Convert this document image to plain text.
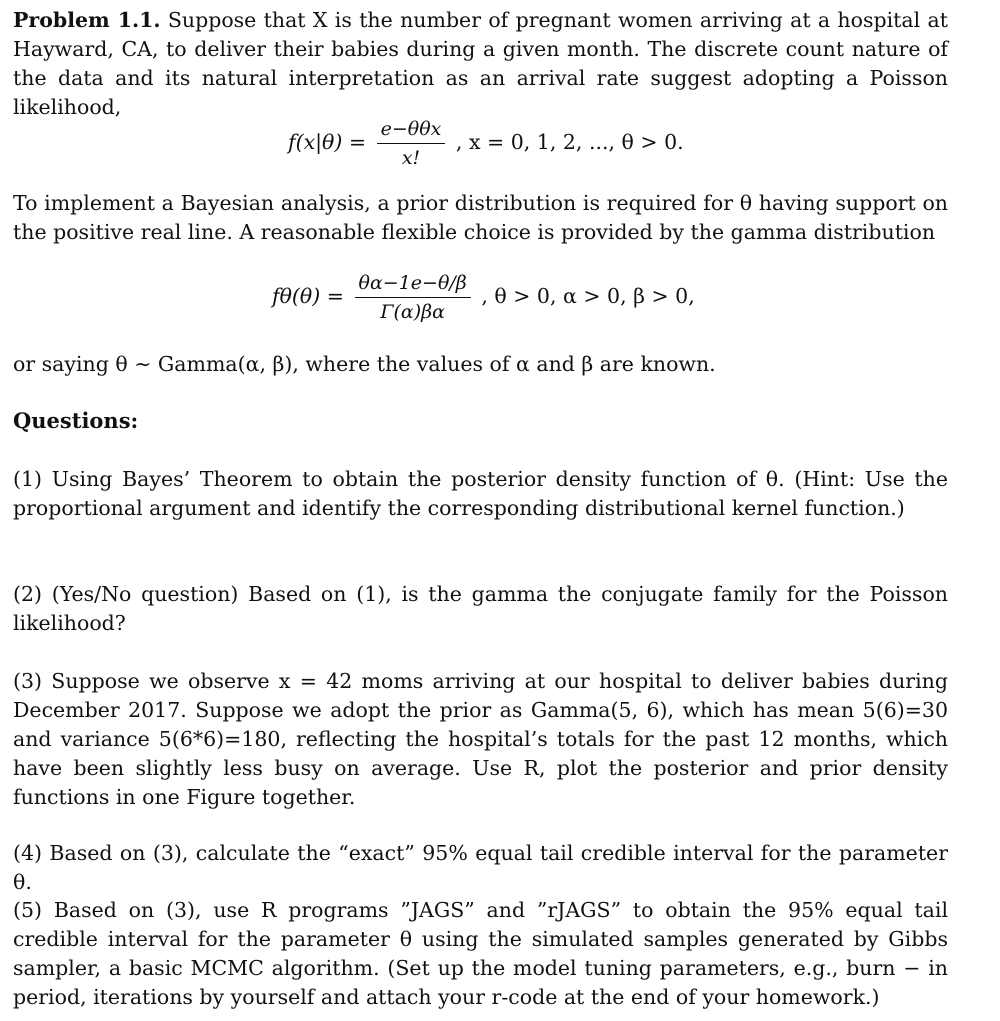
Problem 1.1. Suppose that X is the number of pregnant women arriving at a hospital at Hayward, CA, to deliver their babies during a given month. The discrete count nature of the data and its natural interpretation as an arrival rate suggest adopting a Poisson likelihood,

$f(x|\theta) = \frac{\text{e−θθx}}{x!}$ , x = 0, 1, 2, ..., θ > 0.

To implement a Bayesian analysis, a prior distribution is required for θ having support on the positive real line. A reasonable flexible choice is provided by the gamma distribution

$f\theta(\theta) = \frac{\theta\alpha-1e-\theta/\beta}{\Gamma(\alpha)\beta\alpha}$ , θ > 0, α > 0, β > 0,

or saying θ ∼ Gamma(α, β), where the values of α and β are known.

Questions:

(1) Using Bayes’ Theorem to obtain the posterior density function of θ. (Hint: Use the proportional argument and identify the corresponding distributional kernel function.)

(2) (Yes/No question) Based on (1), is the gamma the conjugate family for the Poisson likelihood?

(3) Suppose we observe x = 42 moms arriving at our hospital to deliver babies during December 2017. Suppose we adopt the prior as Gamma(5, 6), which has mean 5(6)=30 and variance 5(6*6)=180, reflecting the hospital’s totals for the past 12 months, which have been slightly less busy on average. Use R, plot the posterior and prior density functions in one Figure together.

(4) Based on (3), calculate the “exact” 95% equal tail credible interval for the parameter θ.

(5) Based on (3), use R programs ”JAGS” and ”rJAGS” to obtain the 95% equal tail credible interval for the parameter θ using the simulated samples generated by Gibbs sampler, a basic MCMC algorithm. (Set up the model tuning parameters, e.g., burn − in period, iterations by yourself and attach your r-code at the end of your homework.)
